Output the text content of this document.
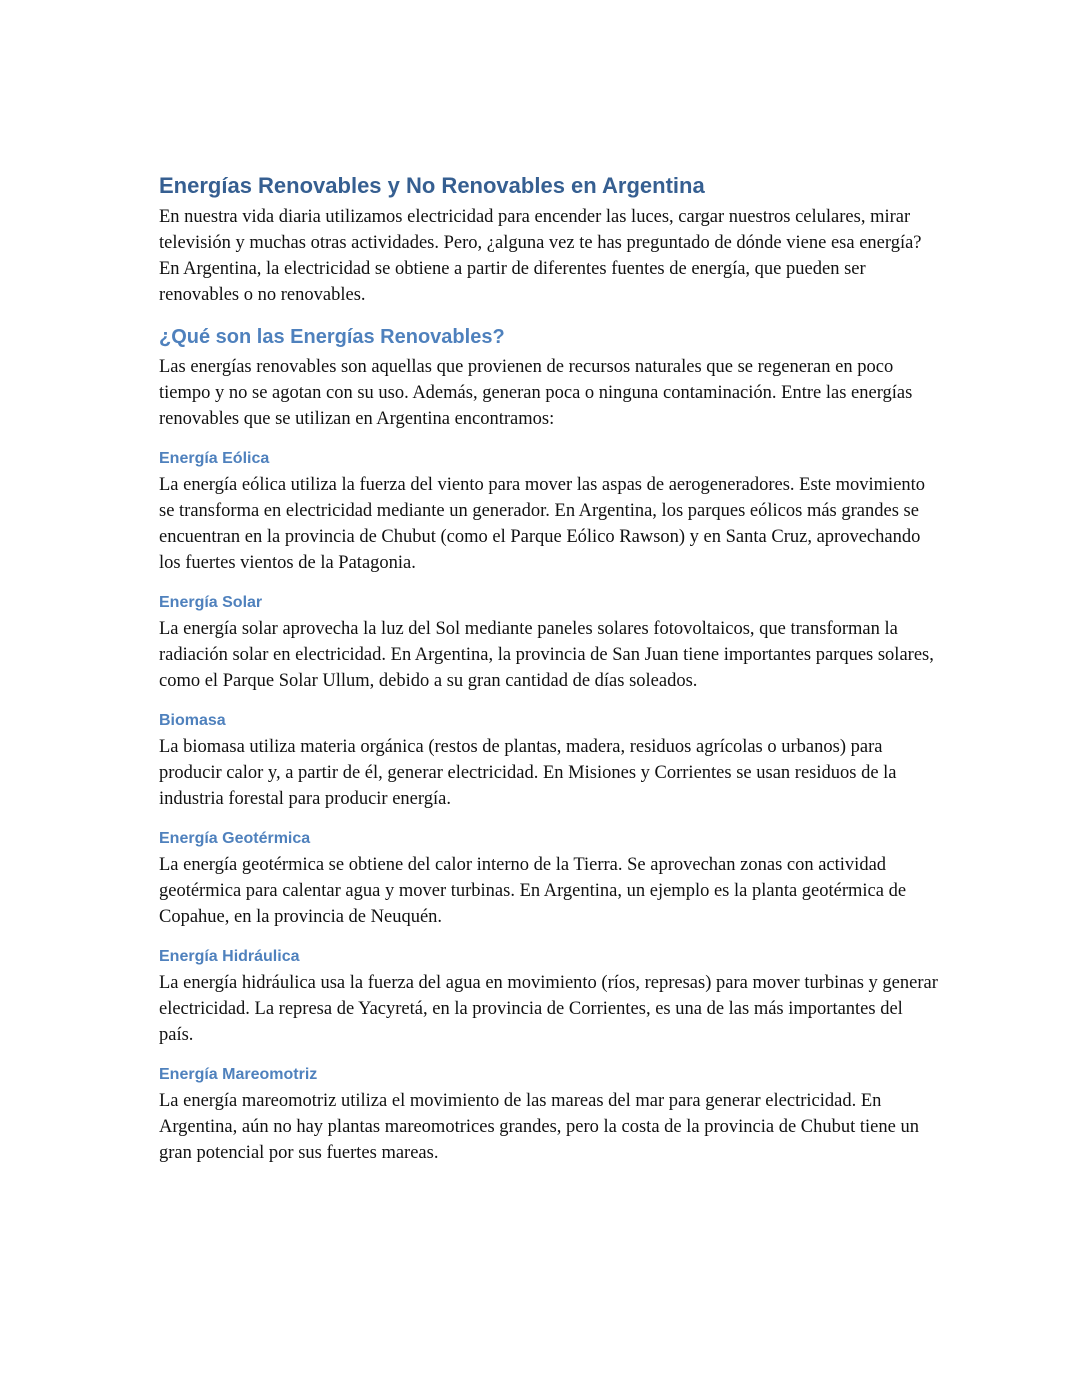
Energías Renovables y No Renovables en Argentina

En nuestra vida diaria utilizamos electricidad para encender las luces, cargar nuestros celulares, mirar televisión y muchas otras actividades. Pero, ¿alguna vez te has preguntado de dónde viene esa energía? En Argentina, la electricidad se obtiene a partir de diferentes fuentes de energía, que pueden ser renovables o no renovables.

¿Qué son las Energías Renovables?

Las energías renovables son aquellas que provienen de recursos naturales que se regeneran en poco tiempo y no se agotan con su uso. Además, generan poca o ninguna contaminación. Entre las energías renovables que se utilizan en Argentina encontramos:

Energía Eólica

La energía eólica utiliza la fuerza del viento para mover las aspas de aerogeneradores. Este movimiento se transforma en electricidad mediante un generador. En Argentina, los parques eólicos más grandes se encuentran en la provincia de Chubut (como el Parque Eólico Rawson) y en Santa Cruz, aprovechando los fuertes vientos de la Patagonia.

Energía Solar

La energía solar aprovecha la luz del Sol mediante paneles solares fotovoltaicos, que transforman la radiación solar en electricidad. En Argentina, la provincia de San Juan tiene importantes parques solares, como el Parque Solar Ullum, debido a su gran cantidad de días soleados.

Biomasa

La biomasa utiliza materia orgánica (restos de plantas, madera, residuos agrícolas o urbanos) para producir calor y, a partir de él, generar electricidad. En Misiones y Corrientes se usan residuos de la industria forestal para producir energía.

Energía Geotérmica

La energía geotérmica se obtiene del calor interno de la Tierra. Se aprovechan zonas con actividad geotérmica para calentar agua y mover turbinas. En Argentina, un ejemplo es la planta geotérmica de Copahue, en la provincia de Neuquén.

Energía Hidráulica

La energía hidráulica usa la fuerza del agua en movimiento (ríos, represas) para mover turbinas y generar electricidad. La represa de Yacyretá, en la provincia de Corrientes, es una de las más importantes del país.

Energía Mareomotriz

La energía mareomotriz utiliza el movimiento de las mareas del mar para generar electricidad. En Argentina, aún no hay plantas mareomotrices grandes, pero la costa de la provincia de Chubut tiene un gran potencial por sus fuertes mareas.
